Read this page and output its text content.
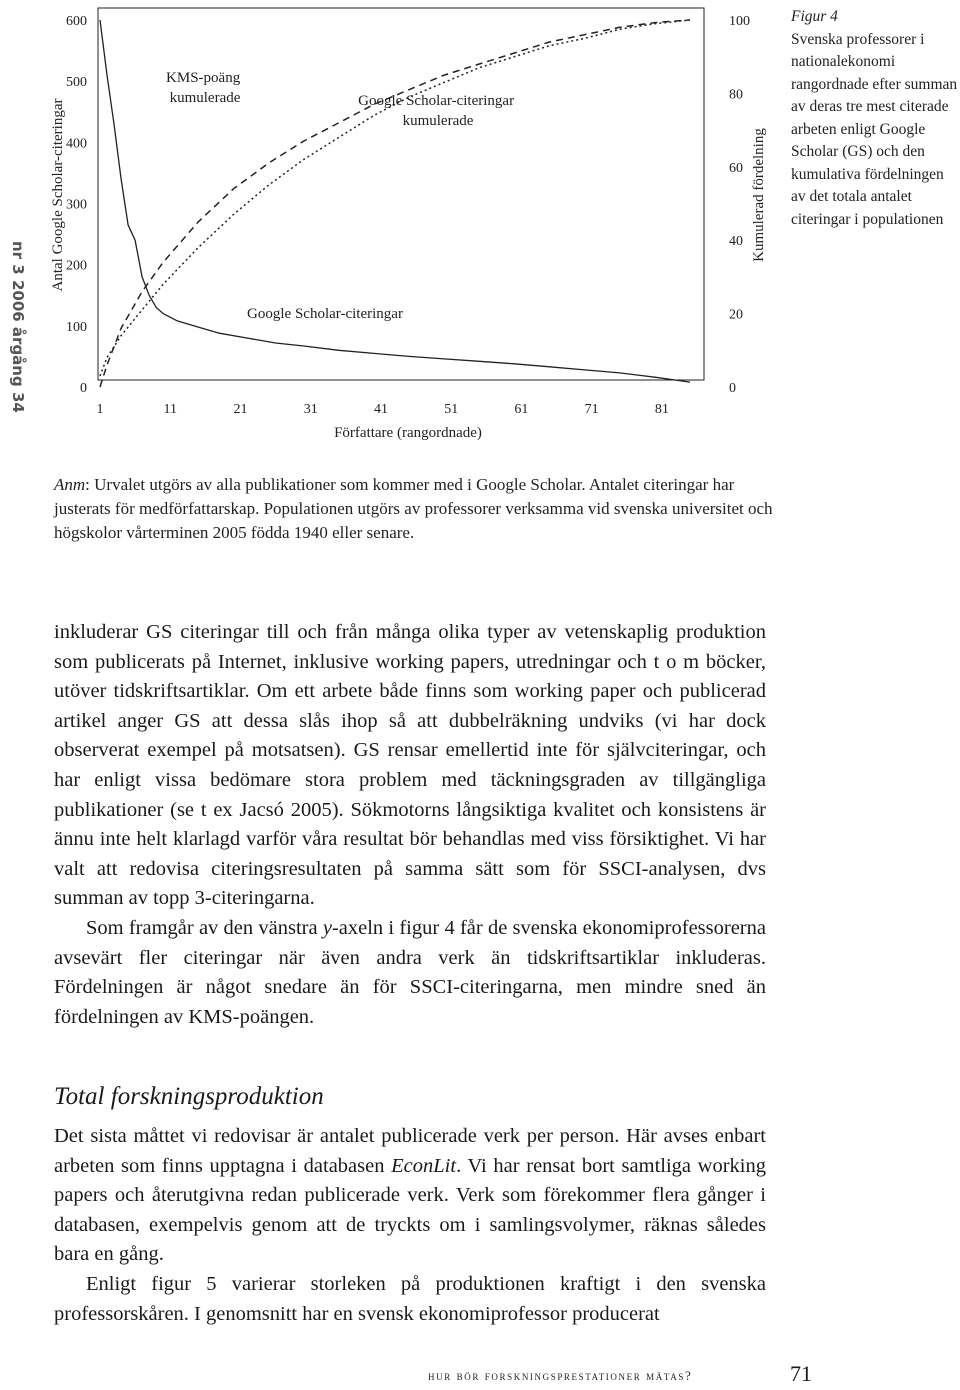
nr 3 2006 årgång 34	0
100
200
300
400
500
600
0
20
40
60
80
100
1	11	21	31	41	51	61	71	81
Antal Google Scholar-citeringar	Kumulerad fördelning
Författare (rangordnade)
KMS-poäng kumulerade	Google Scholar-citeringar kumulerade
Google Scholar-citeringar
Figur 4
Svenska professorer i nationalekonomi rangordnade efter summan av deras tre mest citerade arbeten enligt Google Scholar (GS) och den kumulativa fördelningen av det totala antalet citeringar i populationen
Anm: Urvalet utgörs av alla publikationer som kommer med i Google Scholar. Antalet citeringar har justerats för medförfattarskap. Populationen utgörs av professorer verksamma vid svenska universitet och högskolor vårterminen 2005 födda 1940 eller senare.

inkluderar GS citeringar till och från många olika typer av vetenskaplig produktion som publicerats på Internet, inklusive working papers, utredningar och t o m böcker, utöver tidskriftsartiklar. Om ett arbete både finns som working paper och publicerad artikel anger GS att dessa slås ihop så att dubbelräkning undviks (vi har dock observerat exempel på motsatsen). GS rensar emellertid inte för självciteringar, och har enligt vissa bedömare stora problem med täckningsgraden av tillgängliga publikationer (se t ex Jacsó 2005). Sökmotorns långsiktiga kvalitet och konsistens är ännu inte helt klarlagd varför våra resultat bör behandlas med viss försiktighet. Vi har valt att redovisa citeringsresultaten på samma sätt som för SSCI-analysen, dvs summan av topp 3-citeringarna.

Som framgår av den vänstra y-axeln i figur 4 får de svenska ekonomiprofessorerna avsevärt fler citeringar när även andra verk än tidskriftsartiklar inkluderas. Fördelningen är något snedare än för SSCI-citeringarna, men mindre sned än fördelningen av KMS-poängen.

Total forskningsproduktion

Det sista måttet vi redovisar är antalet publicerade verk per person. Här avses enbart arbeten som finns upptagna i databasen EconLit. Vi har rensat bort samtliga working papers och återutgivna redan publicerade verk. Verk som förekommer flera gånger i databasen, exempelvis genom att de tryckts om i samlingsvolymer, räknas således bara en gång.

Enligt figur 5 varierar storleken på produktionen kraftigt i den svenska professorskåren. I genomsnitt har en svensk ekonomiprofessor producerat

hur bör forskningsprestationer mätas?	71
